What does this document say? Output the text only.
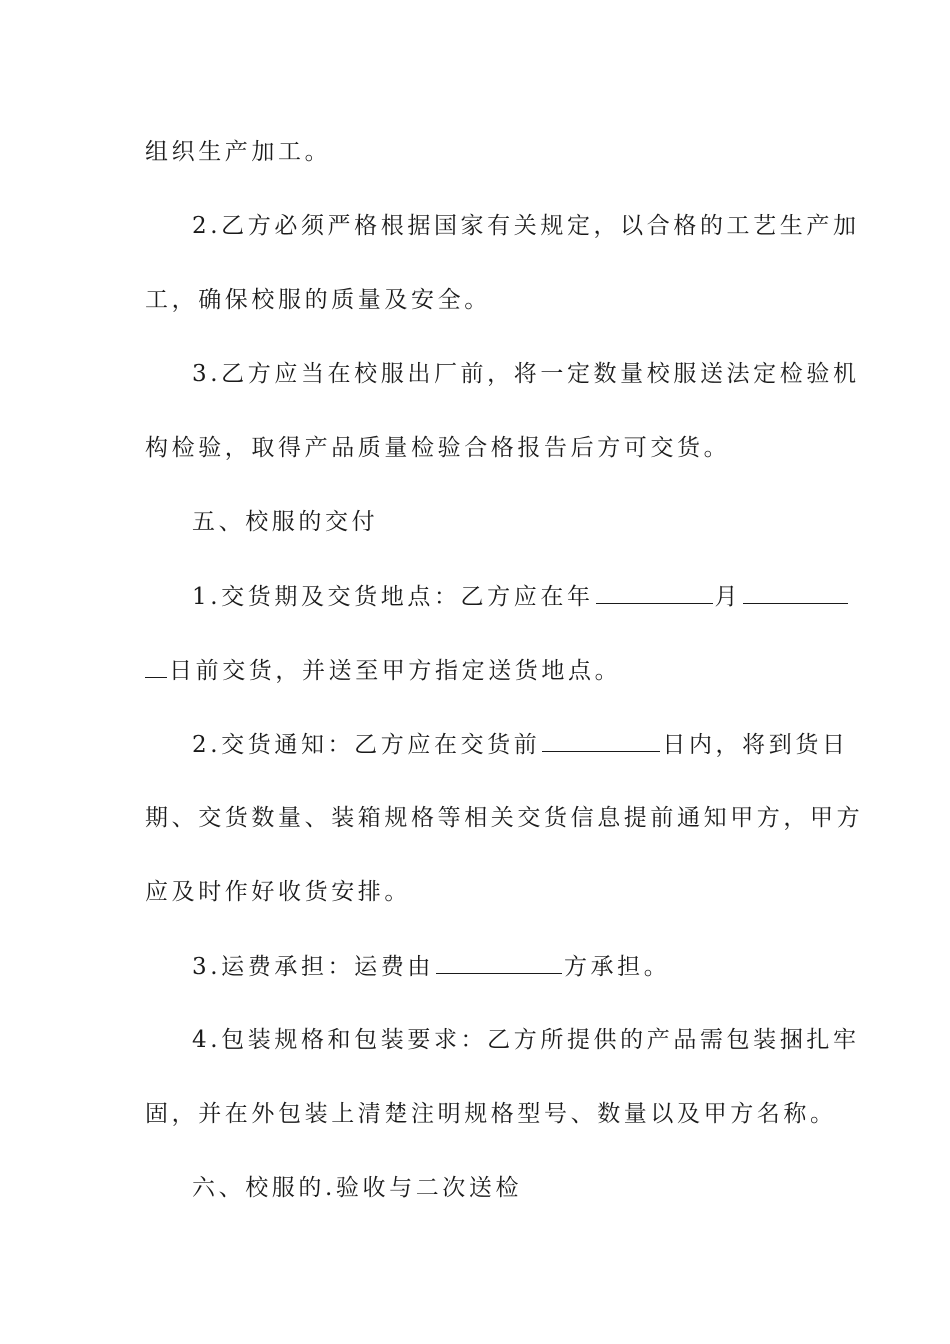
组织生产加工。
2.乙方必须严格根据国家有关规定，以合格的工艺生产加
工，确保校服的质量及安全。
3.乙方应当在校服出厂前，将一定数量校服送法定检验机
构检验，取得产品质量检验合格报告后方可交货。
五、校服的交付
1.交货期及交货地点：乙方应在年	月
日前交货，并送至甲方指定送货地点。
2.交货通知：乙方应在交货前	日内，将到货日
期、交货数量、装箱规格等相关交货信息提前通知甲方，甲方
应及时作好收货安排。
3.运费承担：运费由	方承担。
4.包装规格和包装要求：乙方所提供的产品需包装捆扎牢
固，并在外包装上清楚注明规格型号、数量以及甲方名称。
六、校服的.验收与二次送检
